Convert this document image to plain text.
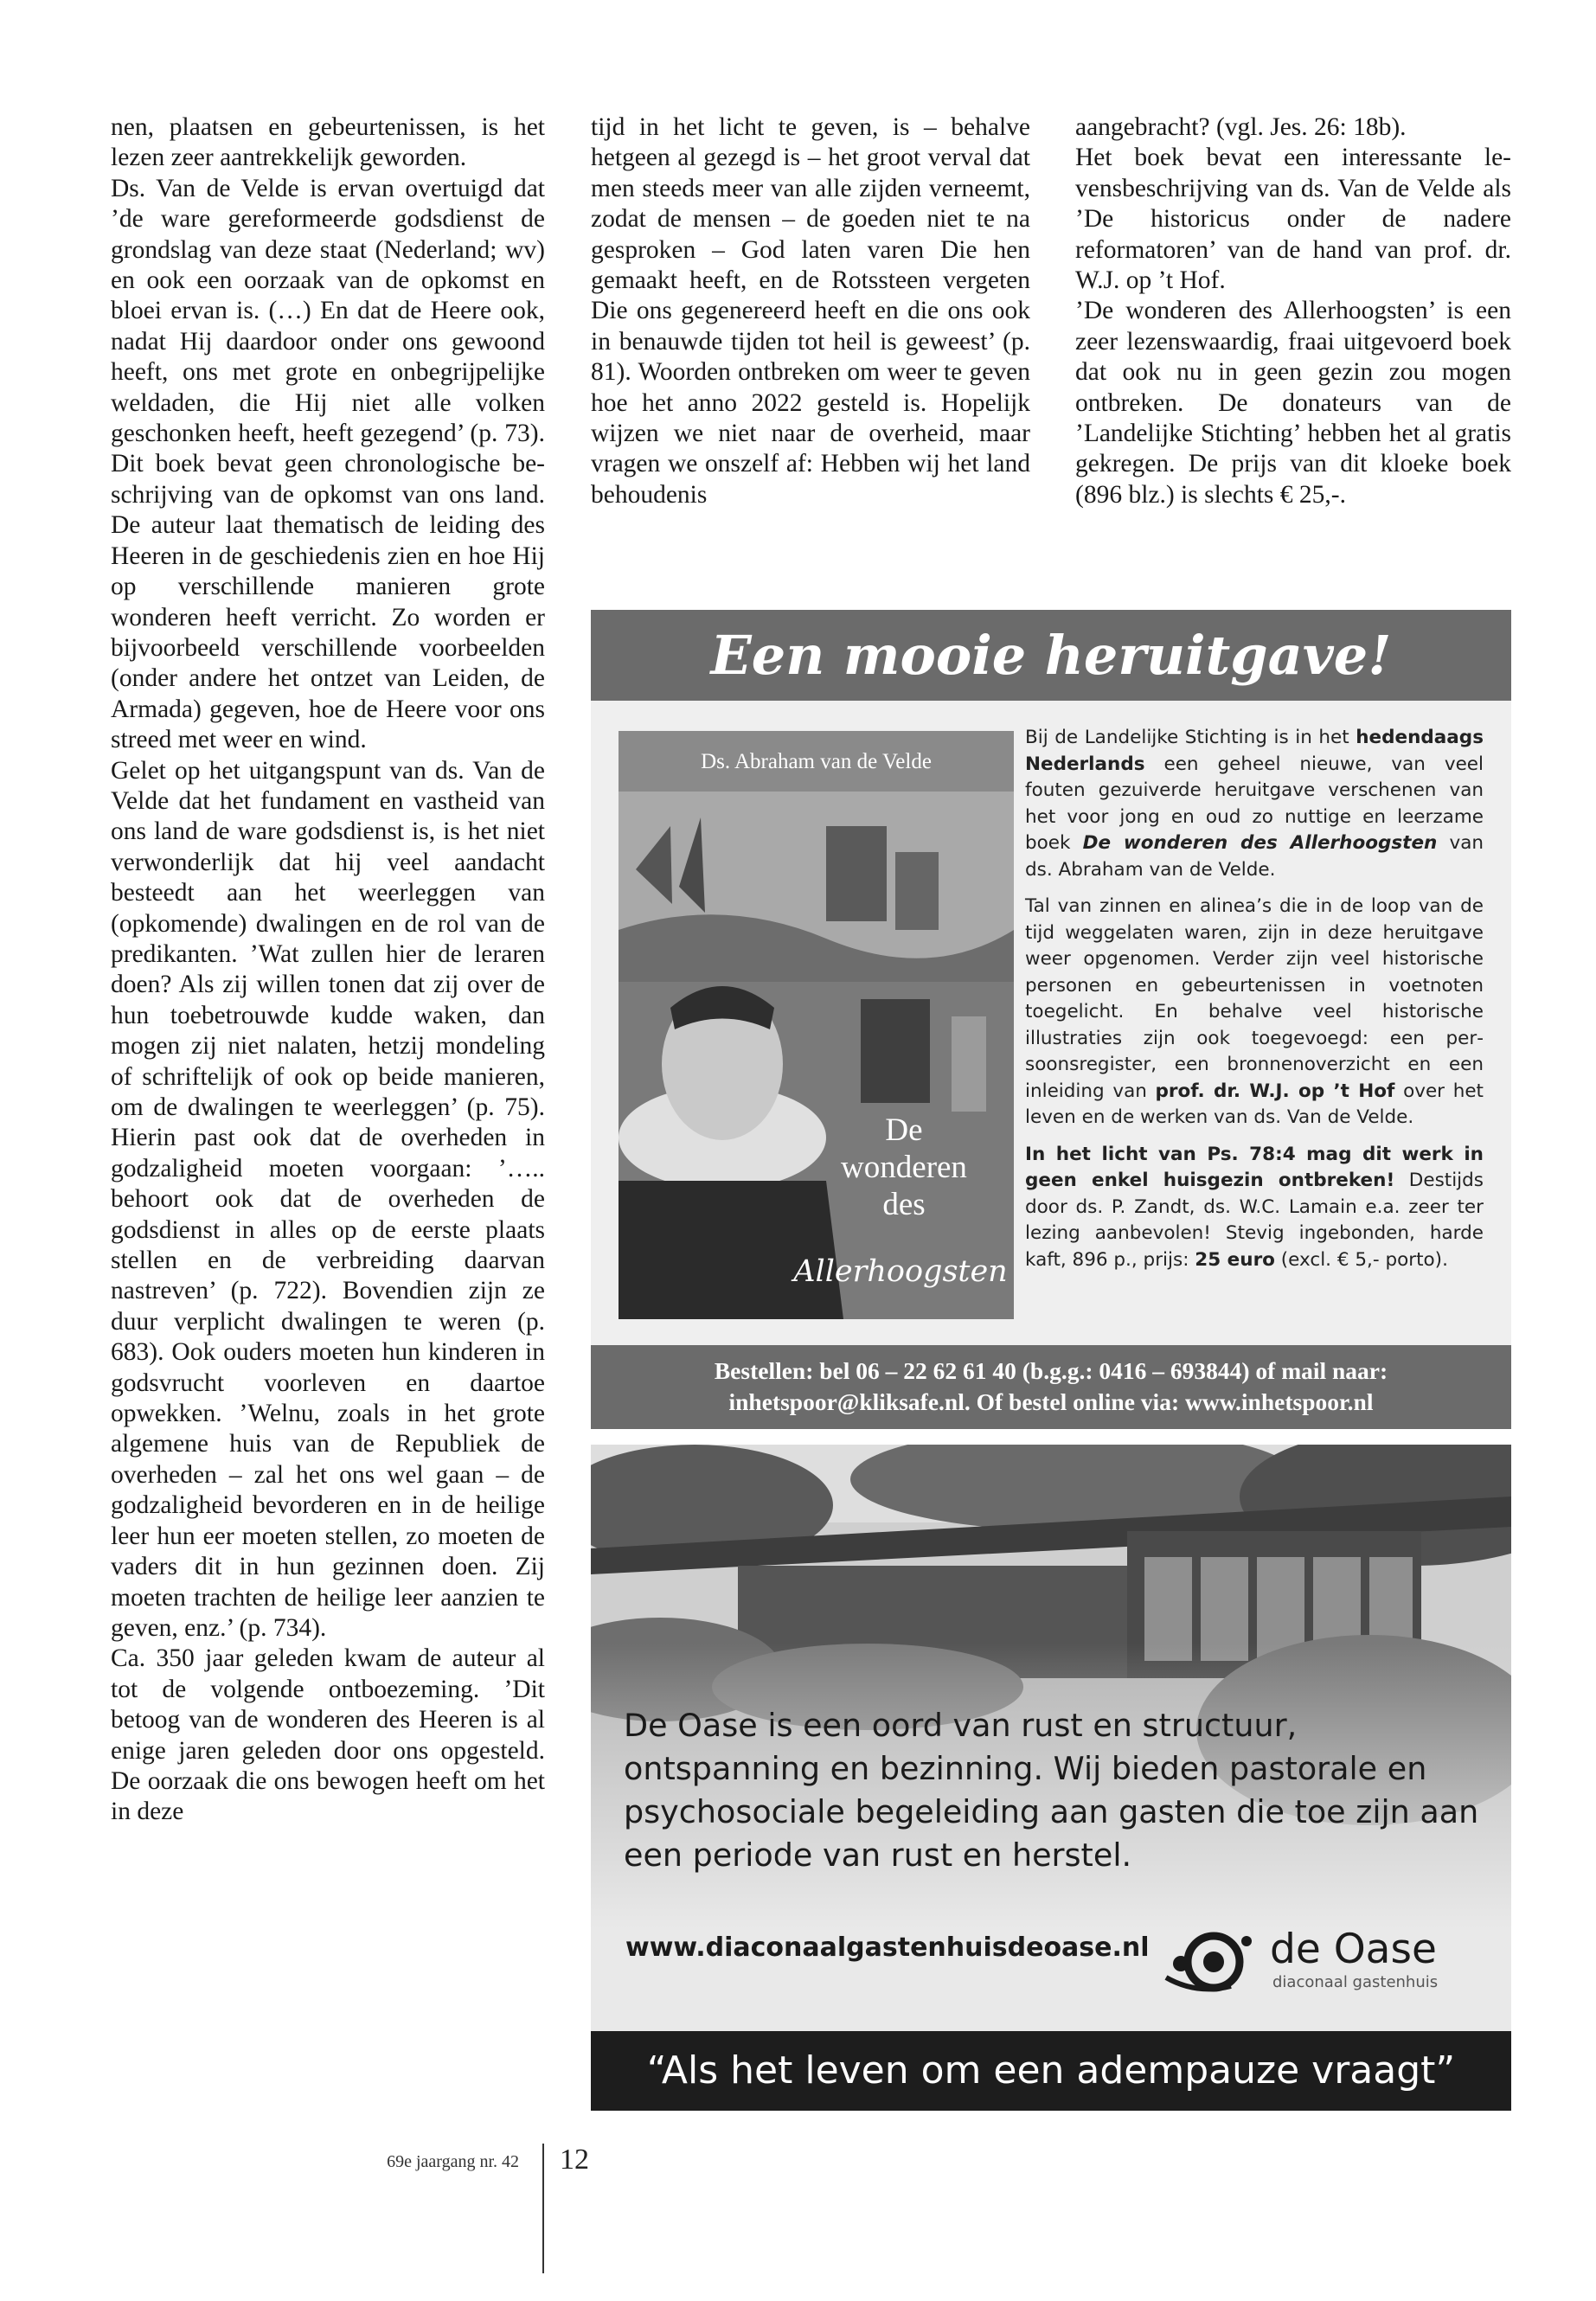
nen, plaatsen en gebeurtenissen, is het lezen zeer aantrekkelijk geworden.

Ds. Van de Velde is ervan overtuigd dat ’de ware gereformeerde godsdienst de grondslag van deze staat (Nederland; wv) en ook een oorzaak van de opkomst en bloei ervan is. (…) En dat de Heere ook, nadat Hij daardoor onder ons gewoond heeft, ons met grote en onbegrijpelijke weldaden, die Hij niet alle volken geschonken heeft, heeft gezegend’ (p. 73). Dit boek bevat geen chronologische beschrijving van de opkomst van ons land. De auteur laat thematisch de leiding des Heeren in de geschiedenis zien en hoe Hij op verschillende manieren grote wonderen heeft verricht. Zo worden er bijvoorbeeld verschillende voorbeelden (onder andere het ontzet van Leiden, de Armada) gegeven, hoe de Heere voor ons streed met weer en wind.

Gelet op het uitgangspunt van ds. Van de Velde dat het fundament en vastheid van ons land de ware godsdienst is, is het niet verwonderlijk dat hij veel aandacht besteedt aan het weerleggen van (opkomende) dwalingen en de rol van de predikanten. ’Wat zullen hier de leraren doen? Als zij willen tonen dat zij over de hun toebetrouwde kudde waken, dan mogen zij niet nalaten, hetzij mondeling of schriftelijk of ook op beide manieren, om de dwalingen te weerleggen’ (p. 75). Hierin past ook dat de overheden in godzaligheid moeten voorgaan: ’….. behoort ook dat de overheden de godsdienst in alles op de eerste plaats stellen en de verbreiding daarvan nastreven’ (p. 722). Bovendien zijn ze duur verplicht dwalingen te weren (p. 683). Ook ouders moeten hun kinderen in godsvrucht voorleven en daartoe opwekken. ’Welnu, zoals in het grote algemene huis van de Republiek de overheden – zal het ons wel gaan – de godzaligheid bevorderen en in de heilige leer hun eer moeten stellen, zo moeten de vaders dit in hun gezinnen doen. Zij moeten trachten de heilige leer aanzien te geven, enz.’ (p. 734).

Ca. 350 jaar geleden kwam de auteur al tot de volgende ontboezeming. ’Dit betoog van de wonderen des Heeren is al enige jaren geleden door ons opgesteld. De oorzaak die ons bewogen heeft om het in deze

tijd in het licht te geven, is – behalve hetgeen al gezegd is – het groot verval dat men steeds meer van alle zijden verneemt, zodat de mensen – de goeden niet te na gesproken – God laten varen Die hen gemaakt heeft, en de Rotssteen vergeten Die ons gegenereerd heeft en die ons ook in benauwde tijden tot heil is geweest’ (p. 81). Woorden ontbreken om weer te geven hoe het anno 2022 gesteld is. Hopelijk wijzen we niet naar de overheid, maar vragen we onszelf af: Hebben wij het land behoudenis

aangebracht? (vgl. Jes. 26: 18b).

Het boek bevat een interessante levensbeschrijving van ds. Van de Velde als ’De historicus onder de nadere reformatoren’ van de hand van prof. dr. W.J. op ’t Hof.

’De wonderen des Allerhoogsten’ is een zeer lezenswaardig, fraai uitgevoerd boek dat ook nu in geen gezin zou mogen ontbreken. De donateurs van de ’Landelijke Stichting’ hebben het al gratis gekregen. De prijs van dit kloeke boek (896 blz.) is slechts € 25,-.

Een mooie heruitgave!
Ds. Abraham van de Velde
De
wonderen
des
Allerhoogsten

Bij de Landelijke Stichting is in het hedendaags Nederlands een geheel nieuwe, van veel fouten gezuiverde heruitgave verschenen van het voor jong en oud zo nuttige en leerzame boek De wonderen des Allerhoogsten van ds. Abraham van de Velde.

Tal van zinnen en alinea’s die in de loop van de tijd weggelaten waren, zijn in deze heruitgave weer opgenomen. Verder zijn veel historische personen en gebeurtenissen in voetnoten toegelicht. En behalve veel historische illustraties zijn ook toegevoegd: een persoonsregister, een bronnenoverzicht en een inleiding van prof. dr. W.J. op ’t Hof over het leven en de werken van ds. Van de Velde.

In het licht van Ps. 78:4 mag dit werk in geen enkel huisgezin ontbreken! Destijds door ds. P. Zandt, ds. W.C. Lamain e.a. zeer ter lezing aanbevolen! Stevig ingebonden, harde kaft, 896 p., prijs: 25 euro (excl. € 5,- porto).

Bestellen: bel 06 – 22 62 61 40 (b.g.g.: 0416 – 693844) of mail naar:
inhetspoor@kliksafe.nl. Of bestel online via: www.inhetspoor.nl
De Oase is een oord van rust en structuur, ontspanning en bezinning. Wij bieden pastorale en psychosociale begeleiding aan gasten die toe zijn aan een periode van rust en herstel.
www.diaconaalgastenhuisdeoase.nl	de Oase
diaconaal gastenhuis
“Als het leven om een adempauze vraagt”
69e jaargang nr. 42 12
